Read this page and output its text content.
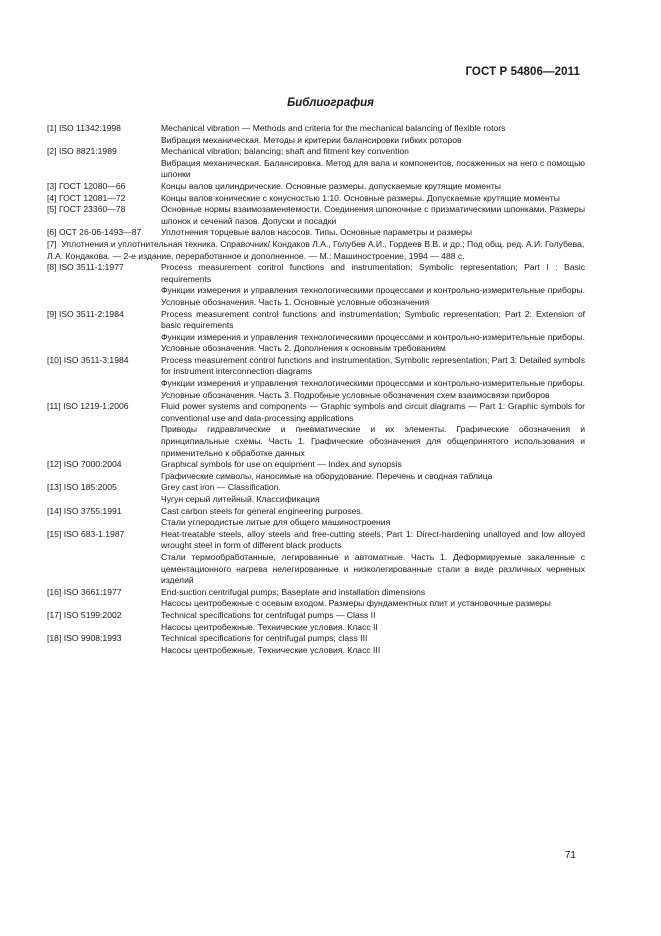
ГОСТ Р 54806—2011
Библиография
[1] ISO 11342:1998	Mechanical vibration — Methods and criteria for the mechanical balancing of flexible rotors
Вибрация механическая. Методы и критерии балансировки гибких роторов
[2] ISO 8821:1989	Mechanical vibration; balancing; shaft and fitment key convention
Вибрация механическая. Балансировка. Метод для вала и компонентов, посаженных на него с помощью шпонки
[3] ГОСТ 12080—66	Концы валов цилиндрические. Основные размеры, допускаемые крутящие моменты
[4] ГОСТ 12081—72	Концы валов конические с конусностью 1:10. Основные размеры. Допускаемые крутящие моменты
[5] ГОСТ 23360—78	Основные нормы взаимозаменяемости. Соединения шпоночные с призматическими шпонками. Размеры шпонок и сечений пазов. Допуски и посадки
[6] ОСТ 26-06-1493—87	Уплотнения торцевые валов насосов. Типы. Основные параметры и размеры
[7]  Уплотнения и уплотнительная техника. Справочник/ Кондаков Л.А., Голубев А.И., Гордеев В.В. и др.; Под общ. ред. А.И. Голубева, Л.А. Кондакова. — 2-е издание, переработанное и дополненное. — М.: Машиностроение, 1994 — 488 с.
[8] ISO 3511-1:1977	Process measurement control functions and instrumentation; Symbolic representation; Part I : Basic requirements
Функции измерения и управления технологическими процессами и контрольно-измерительные приборы. Условные обозначения. Часть 1. Основные условные обозначения
[9] ISO 3511-2:1984	Process measurement control functions and instrumentation; Symbolic representation; Part 2: Extension of basic requirements
Функции измерения и управления технологическими процессами и контрольно-измерительные приборы. Условные обозначения. Часть 2. Дополнения к основным требованиям
[10] ISO 3511-3:1984	Process measurement control functions and instrumentation, Symbolic representation; Part 3: Detailed symbols for instrument interconnection diagrams
Функции измерения и управления технологическими процессами и контрольно-измерительные приборы. Условные обозначения. Часть 3. Подробные условные обозначения схем взаимосвязи приборов
[11] ISO 1219-1:2006	Fluid power systems and components — Graphic symbols and circuit diagrams — Part 1: Graphic symbols for conventional use and data-processing applications
Приводы гидравлические и пневматические и их элементы. Графические обозначения и принципиальные схемы. Часть 1. Графические обозначения для общепринятого использования и применительно к обработке данных
[12] ISO 7000:2004	Graphical symbols for use on equipment — Index and synopsis
Графические символы, наносимые на оборудование. Перечень и сводная таблица
[13] ISO 185:2005	Grey cast iron — Classification.
Чугун серый литейный. Классификация
[14] ISO 3755:1991	Cast carbon steels for general engineering purposes.
Стали углеродистые литые для общего машиностроения
[15] ISO 683-1.1987	Heat-treatable steels, alloy steels and free-cutting steels, Part 1: Direct-hardening unalloyed and low alloyed wrought steel in form of different black products
Стали термообработанные, легированные и автоматные. Часть 1. Деформируемые закаленные с цементационного нагрева нелегированные и низколегированные стали в виде различных черненых изделий
[16] ISO 3661:1977	End-suction centrifugal pumps; Baseplate and installation dimensions
Насосы центробежные с осевым входом. Размеры фундаментных плит и установочные размеры
[17] ISO 5199:2002	Technical specifications for centrifugal pumps — Class II
Насосы центробежные. Технические условия. Класс II
[18] ISO 9908:1993	Technical specifications for centrifugal pumps; class III
Насосы центробежные. Технические условия. Класс III
71
